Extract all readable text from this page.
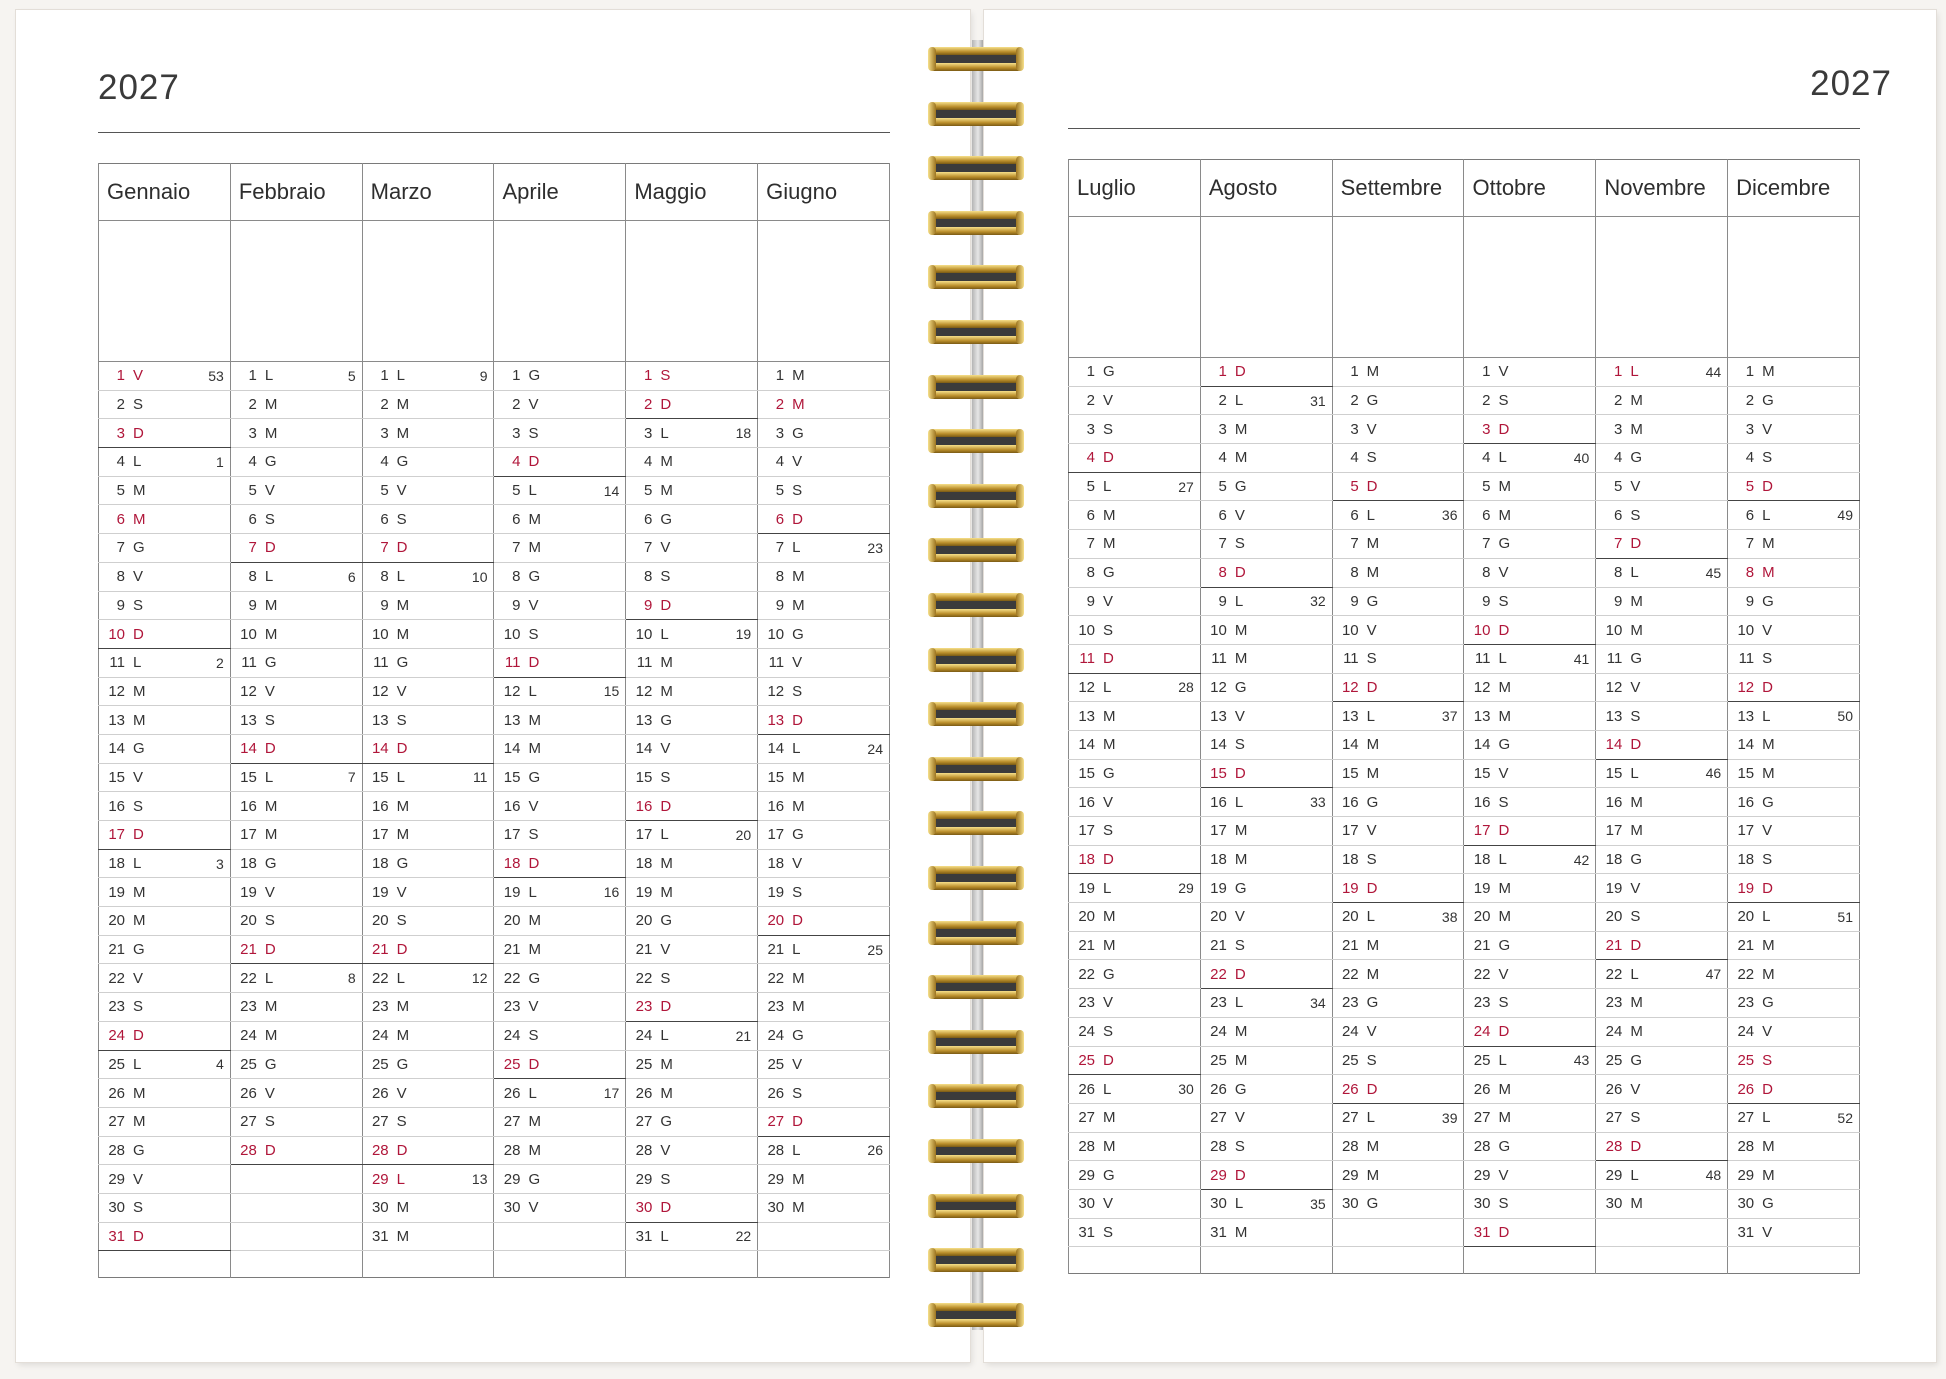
2027
Gennaio	Febbraio	Marzo	Aprile	Maggio	Giugno

1 V 53	1 L 5	1 L 9	1 G	1 S	1 M
2 S	2 M	2 M	2 V	2 D	2 M
3 D	3 M	3 M	3 S	3 L 18	3 G
4 L 1	4 G	4 G	4 D	4 M	4 V
5 M	5 V	5 V	5 L 14	5 M	5 S
6 M	6 S	6 S	6 M	6 G	6 D
7 G	7 D	7 D	7 M	7 V	7 L 23

8 V	8 L 6	8 L 10	8 G	8 S	8 M
9 S	9 M	9 M	9 V	9 D	9 M
10 D	10 M	10 M	10 S	10 L 19	10 G
11 L 2	11 G	11 G	11 D	11 M	11 V
12 M	12 V	12 V	12 L 15	12 M	12 S
13 M	13 S	13 S	13 M	13 G	13 D
14 G	14 D	14 D	14 M	14 V	14 L 24

15 V	15 L 7	15 L 11	15 G	15 S	15 M
16 S	16 M	16 M	16 V	16 D	16 M
17 D	17 M	17 M	17 S	17 L 20	17 G
18 L 3	18 G	18 G	18 D	18 M	18 V
19 M	19 V	19 V	19 L 16	19 M	19 S
20 M	20 S	20 S	20 M	20 G	20 D
21 G	21 D	21 D	21 M	21 V	21 L 25

22 V	22 L 8	22 L 12	22 G	22 S	22 M
23 S	23 M	23 M	23 V	23 D	23 M
24 D	24 M	24 M	24 S	24 L 21	24 G
25 L 4	25 G	25 G	25 D	25 M	25 V
26 M	26 V	26 V	26 L 17	26 M	26 S
27 M	27 S	27 S	27 M	27 G	27 D
28 G	28 D	28 D	28 M	28 V	28 L 26

29 V		29 L 13	29 G	29 S	29 M
30 S		30 M	30 V	30 D	30 M
31 D		31 M		31 L 22	

2027
Luglio	Agosto	Settembre	Ottobre	Novembre	Dicembre

1 G	1 D	1 M	1 V	1 L 44	1 M
2 V	2 L 31	2 G	2 S	2 M	2 G
3 S	3 M	3 V	3 D	3 M	3 V
4 D	4 M	4 S	4 L 40	4 G	4 S
5 L 27	5 G	5 D	5 M	5 V	5 D
6 M	6 V	6 L 36	6 M	6 S	6 L 49

7 M	7 S	7 M	7 G	7 D	7 M
8 G	8 D	8 M	8 V	8 L 45	8 M
9 V	9 L 32	9 G	9 S	9 M	9 G
10 S	10 M	10 V	10 D	10 M	10 V
11 D	11 M	11 S	11 L 41	11 G	11 S
12 L 28	12 G	12 D	12 M	12 V	12 D
13 M	13 V	13 L 37	13 M	13 S	13 L 50

14 M	14 S	14 M	14 G	14 D	14 M
15 G	15 D	15 M	15 V	15 L 46	15 M
16 V	16 L 33	16 G	16 S	16 M	16 G
17 S	17 M	17 V	17 D	17 M	17 V
18 D	18 M	18 S	18 L 42	18 G	18 S
19 L 29	19 G	19 D	19 M	19 V	19 D
20 M	20 V	20 L 38	20 M	20 S	20 L 51

21 M	21 S	21 M	21 G	21 D	21 M
22 G	22 D	22 M	22 V	22 L 47	22 M
23 V	23 L 34	23 G	23 S	23 M	23 G
24 S	24 M	24 V	24 D	24 M	24 V
25 D	25 M	25 S	25 L 43	25 G	25 S
26 L 30	26 G	26 D	26 M	26 V	26 D
27 M	27 V	27 L 39	27 M	27 S	27 L 52

28 M	28 S	28 M	28 G	28 D	28 M
29 G	29 D	29 M	29 V	29 L 48	29 M
30 V	30 L 35	30 G	30 S	30 M	30 G
31 S	31 M		31 D		31 V
